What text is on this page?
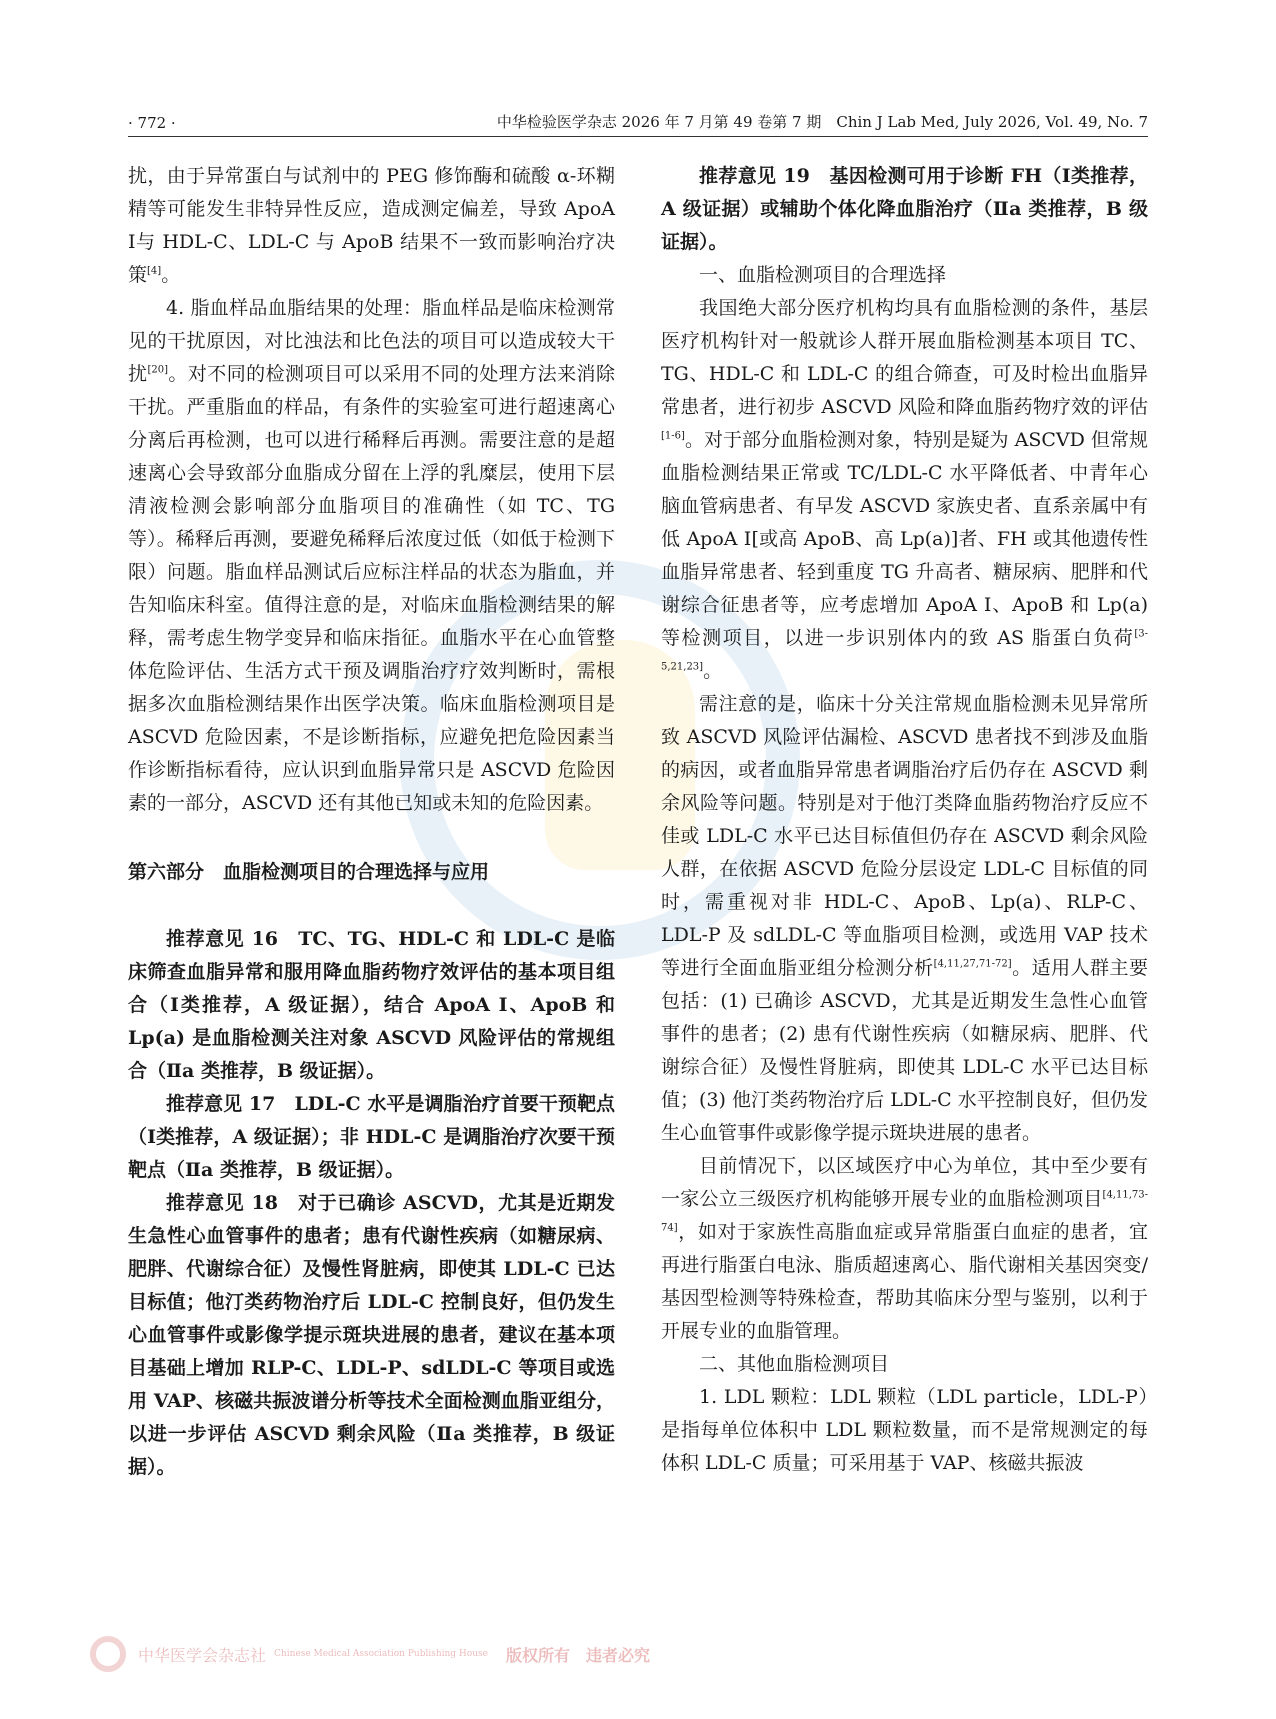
· 772 ·	中华检验医学杂志 2026 年 7 月第 49 卷第 7 期　Chin J Lab Med, July 2026, Vol. 49, No. 7

扰，由于异常蛋白与试剂中的 PEG 修饰酶和硫酸 α-环糊精等可能发生非特异性反应，造成测定偏差，导致 ApoA Ⅰ与 HDL-C、LDL-C 与 ApoB 结果不一致而影响治疗决策[4]。

4. 脂血样品血脂结果的处理：脂血样品是临床检测常见的干扰原因，对比浊法和比色法的项目可以造成较大干扰[20]。对不同的检测项目可以采用不同的处理方法来消除干扰。严重脂血的样品，有条件的实验室可进行超速离心分离后再检测，也可以进行稀释后再测。需要注意的是超速离心会导致部分血脂成分留在上浮的乳糜层，使用下层清液检测会影响部分血脂项目的准确性（如 TC、TG 等）。稀释后再测，要避免稀释后浓度过低（如低于检测下限）问题。脂血样品测试后应标注样品的状态为脂血，并告知临床科室。值得注意的是，对临床血脂检测结果的解释，需考虑生物学变异和临床指征。血脂水平在心血管整体危险评估、生活方式干预及调脂治疗疗效判断时，需根据多次血脂检测结果作出医学决策。临床血脂检测项目是 ASCVD 危险因素，不是诊断指标，应避免把危险因素当作诊断指标看待，应认识到血脂异常只是 ASCVD 危险因素的一部分，ASCVD 还有其他已知或未知的危险因素。

第六部分　血脂检测项目的合理选择与应用

推荐意见 16　TC、TG、HDL-C 和 LDL-C 是临床筛查血脂异常和服用降血脂药物疗效评估的基本项目组合（Ⅰ类推荐，A 级证据），结合 ApoA Ⅰ、ApoB 和 Lp(a) 是血脂检测关注对象 ASCVD 风险评估的常规组合（Ⅱa 类推荐，B 级证据）。

推荐意见 17　LDL-C 水平是调脂治疗首要干预靶点（Ⅰ类推荐，A 级证据）；非 HDL-C 是调脂治疗次要干预靶点（Ⅱa 类推荐，B 级证据）。

推荐意见 18　对于已确诊 ASCVD，尤其是近期发生急性心血管事件的患者；患有代谢性疾病（如糖尿病、肥胖、代谢综合征）及慢性肾脏病，即使其 LDL-C 已达目标值；他汀类药物治疗后 LDL-C 控制良好，但仍发生心血管事件或影像学提示斑块进展的患者，建议在基本项目基础上增加 RLP-C、LDL-P、sdLDL-C 等项目或选用 VAP、核磁共振波谱分析等技术全面检测血脂亚组分，以进一步评估 ASCVD 剩余风险（Ⅱa 类推荐，B 级证据）。

推荐意见 19　基因检测可用于诊断 FH（Ⅰ类推荐，A 级证据）或辅助个体化降血脂治疗（Ⅱa 类推荐，B 级证据）。

一、血脂检测项目的合理选择

我国绝大部分医疗机构均具有血脂检测的条件，基层医疗机构针对一般就诊人群开展血脂检测基本项目 TC、TG、HDL-C 和 LDL-C 的组合筛查，可及时检出血脂异常患者，进行初步 ASCVD 风险和降血脂药物疗效的评估[1-6]。对于部分血脂检测对象，特别是疑为 ASCVD 但常规血脂检测结果正常或 TC/LDL-C 水平降低者、中青年心脑血管病患者、有早发 ASCVD 家族史者、直系亲属中有低 ApoA Ⅰ[或高 ApoB、高 Lp(a)]者、FH 或其他遗传性血脂异常患者、轻到重度 TG 升高者、糖尿病、肥胖和代谢综合征患者等，应考虑增加 ApoA Ⅰ、ApoB 和 Lp(a) 等检测项目，以进一步识别体内的致 AS 脂蛋白负荷[3-5,21,23]。

需注意的是，临床十分关注常规血脂检测未见异常所致 ASCVD 风险评估漏检、ASCVD 患者找不到涉及血脂的病因，或者血脂异常患者调脂治疗后仍存在 ASCVD 剩余风险等问题。特别是对于他汀类降血脂药物治疗反应不佳或 LDL-C 水平已达目标值但仍存在 ASCVD 剩余风险人群，在依据 ASCVD 危险分层设定 LDL-C 目标值的同时，需重视对非 HDL-C、ApoB、Lp(a)、RLP-C、LDL-P 及 sdLDL-C 等血脂项目检测，或选用 VAP 技术等进行全面血脂亚组分检测分析[4,11,27,71-72]。适用人群主要包括：(1) 已确诊 ASCVD，尤其是近期发生急性心血管事件的患者；(2) 患有代谢性疾病（如糖尿病、肥胖、代谢综合征）及慢性肾脏病，即使其 LDL-C 水平已达目标值；(3) 他汀类药物治疗后 LDL-C 水平控制良好，但仍发生心血管事件或影像学提示斑块进展的患者。

目前情况下，以区域医疗中心为单位，其中至少要有一家公立三级医疗机构能够开展专业的血脂检测项目[4,11,73-74]，如对于家族性高脂血症或异常脂蛋白血症的患者，宜再进行脂蛋白电泳、脂质超速离心、脂代谢相关基因突变/基因型检测等特殊检查，帮助其临床分型与鉴别，以利于开展专业的血脂管理。

二、其他血脂检测项目

1. LDL 颗粒：LDL 颗粒（LDL particle，LDL-P）是指每单位体积中 LDL 颗粒数量，而不是常规测定的每体积 LDL-C 质量；可采用基于 VAP、核磁共振波

中华医学会杂志社 Chinese Medical Association Publishing House 版权所有　违者必究
